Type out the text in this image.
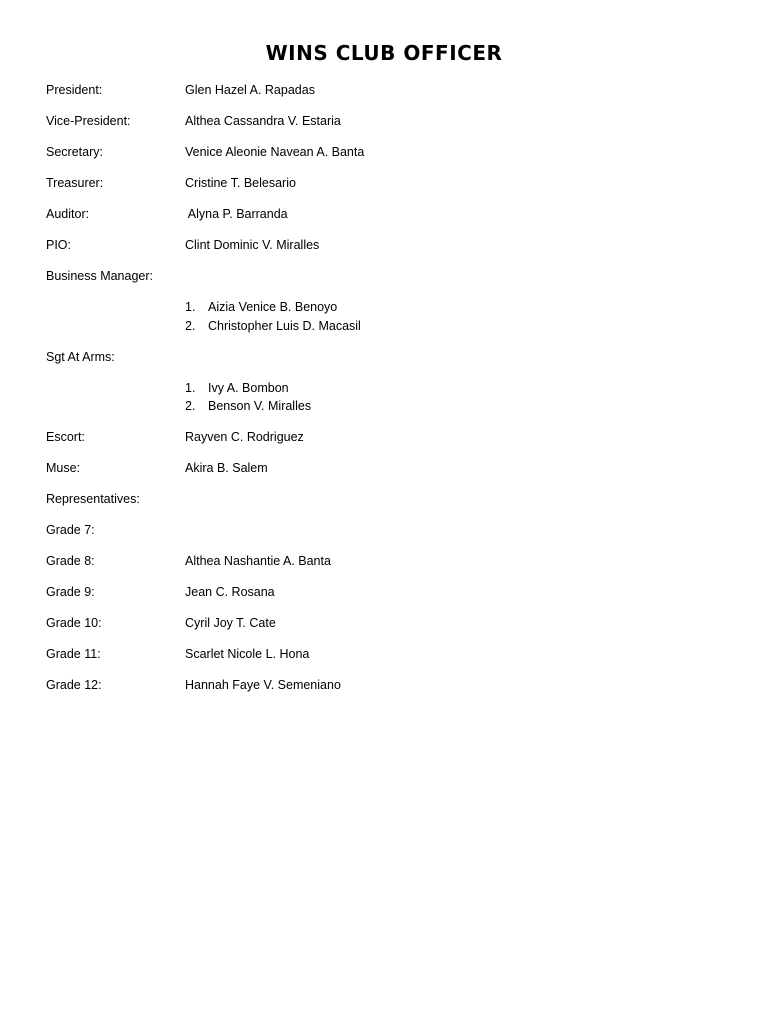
WINS CLUB OFFICER
President:	Glen Hazel A. Rapadas
Vice-President:	Althea Cassandra V. Estaria
Secretary:	Venice Aleonie Navean A. Banta
Treasurer:	Cristine T. Belesario
Auditor:	Alyna P. Barranda
PIO:	Clint Dominic V. Miralles
Business Manager:
1. Aizia Venice B. Benoyo
2. Christopher Luis D. Macasil
Sgt At Arms:
1. Ivy A. Bombon
2. Benson V. Miralles
Escort:	Rayven C. Rodriguez
Muse:	Akira B. Salem
Representatives:
Grade 7:
Grade 8:	Althea Nashantie A. Banta
Grade 9:	Jean C. Rosana
Grade 10:	Cyril Joy T. Cate
Grade 11:	Scarlet Nicole L. Hona
Grade 12:	Hannah Faye V. Semeniano
